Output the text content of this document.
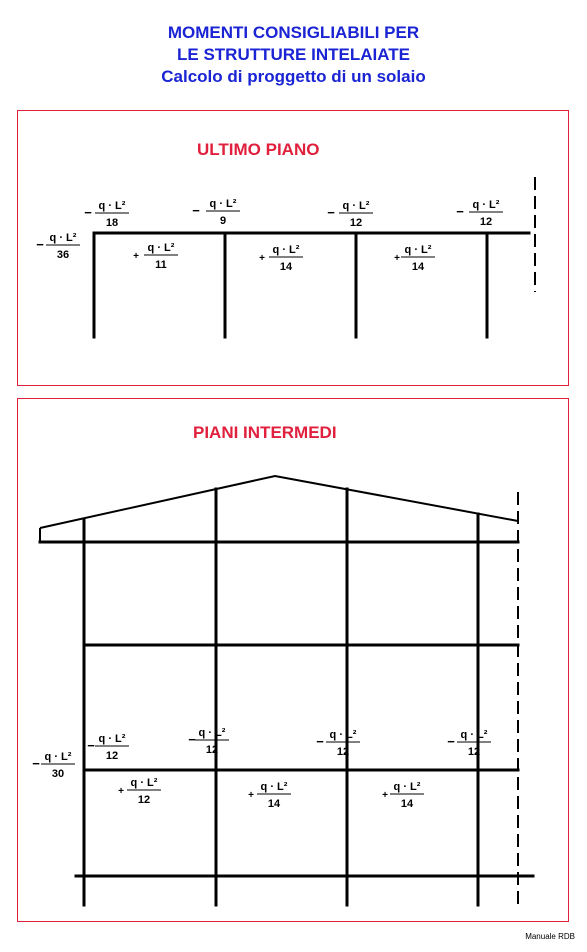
MOMENTI CONSIGLIABILI PER
LE STRUTTURE INTELAIATE
Calcolo di proggetto di un solaio
ULTIMO PIANO
PIANI INTERMEDI
− q · L²
36
− q · L²
18
− q · L²
9
− q · L²
12
− q · L²
12
+
q · L²
11
+
q · L²
14
+
q · L²
14
− q · L²
30
− q · L²
12
− q · L²
12
− q · L²
12
− q · L²
12
+
q · L²
12	+
q · L²
14
+
q · L²
14
Manuale RDB
